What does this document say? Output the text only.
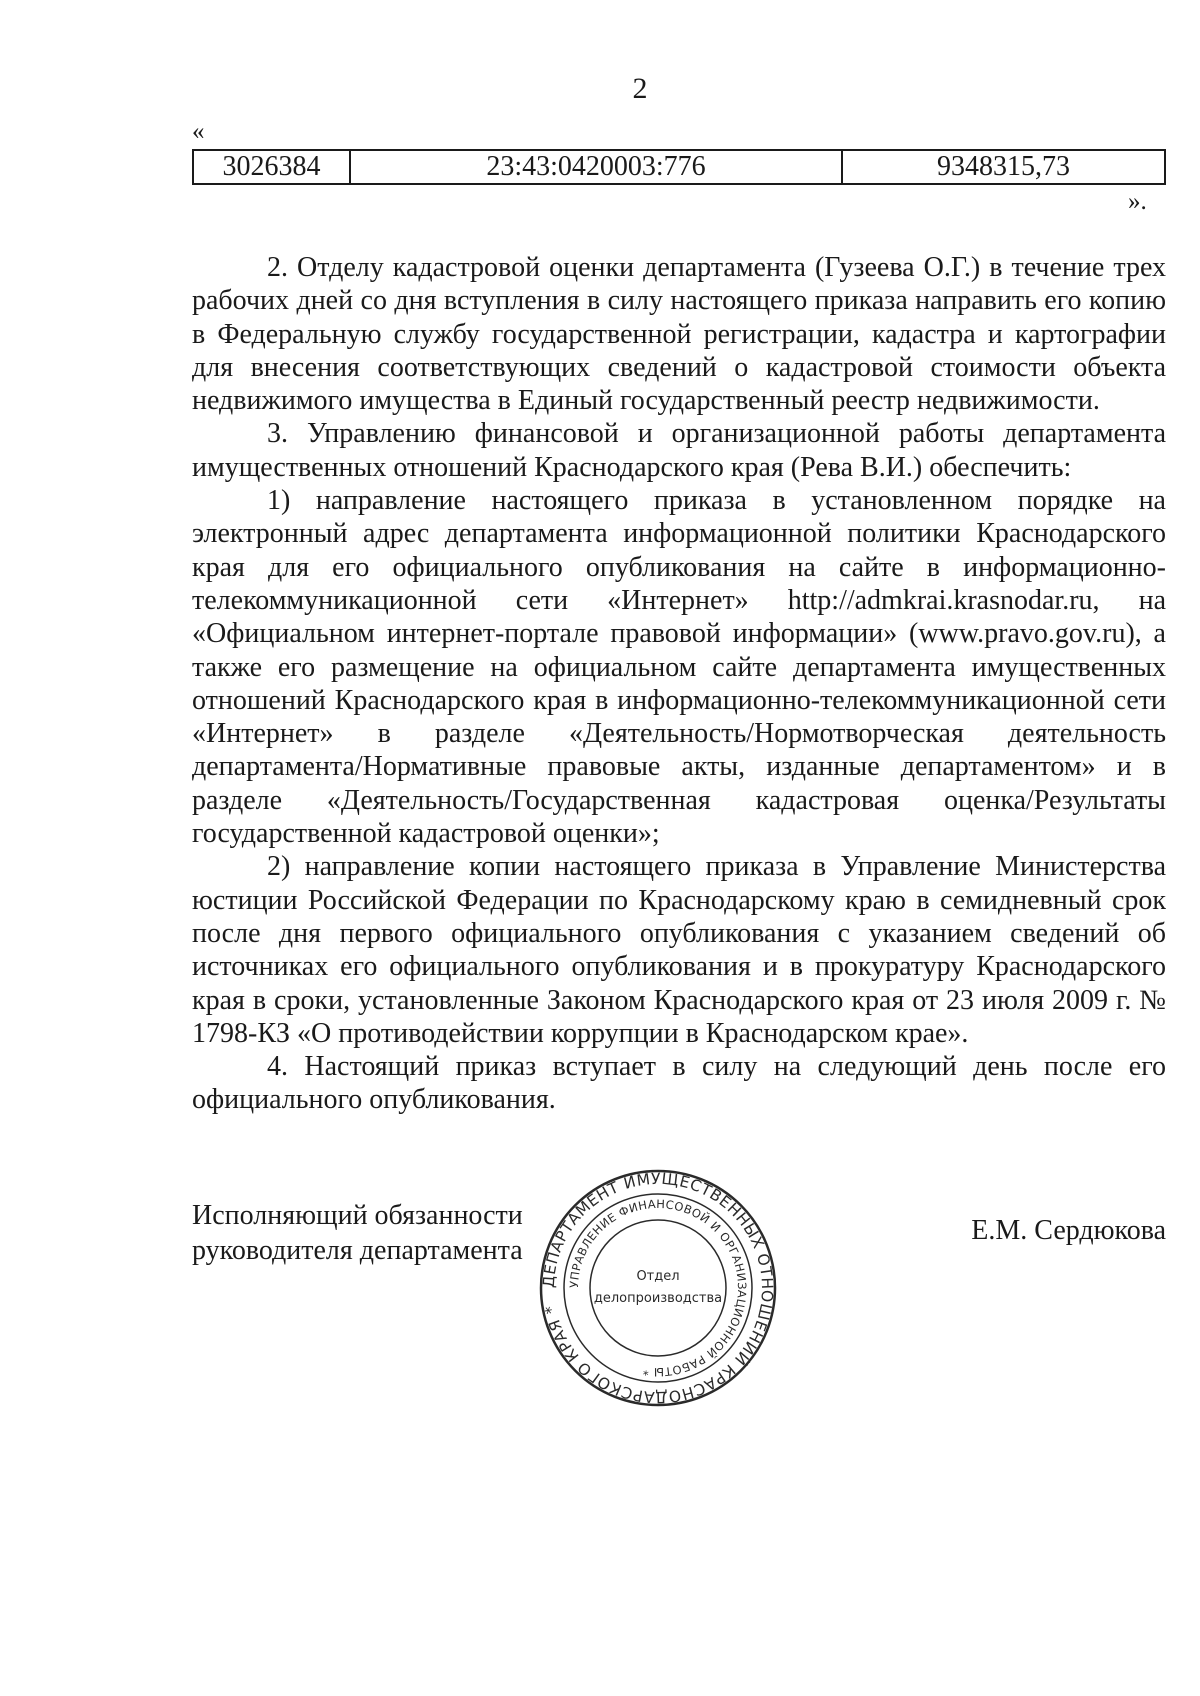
2
«
3026384	23:43:0420003:776	9348315,73
».

2. Отделу кадастровой оценки департамента (Гузеева О.Г.) в течение трех рабочих дней со дня вступления в силу настоящего приказа направить его копию в Федеральную службу государственной регистрации, кадастра и картографии для внесения соответствующих сведений о кадастровой стоимости объекта недвижимого имущества в Единый государственный реестр недвижимости.

3. Управлению финансовой и организационной работы департамента имущественных отношений Краснодарского края (Рева В.И.) обеспечить:

1) направление настоящего приказа в установленном порядке на электронный адрес департамента информационной политики Краснодарского края для его официального опубликования на сайте в информационно-телекоммуникационной сети «Интернет» http://admkrai.krasnodar.ru, на «Официальном интернет-портале правовой информации» (www.pravo.gov.ru), а также его размещение на официальном сайте департамента имущественных отношений Краснодарского края в информационно-телекоммуникационной сети «Интернет» в разделе «Деятельность/Нормотворческая деятельность департамента/Нормативные правовые акты, изданные департаментом» и в разделе «Деятельность/Государственная кадастровая оценка/Результаты государственной кадастровой оценки»;

2) направление копии настоящего приказа в Управление Министерства юстиции Российской Федерации по Краснодарскому краю в семидневный срок после дня первого официального опубликования с указанием сведений об источниках его официального опубликования и в прокуратуру Краснодарского края в сроки, установленные Законом Краснодарского края от 23 июля 2009 г. № 1798-КЗ «О противодействии коррупции в Краснодарском крае».

4. Настоящий приказ вступает в силу на следующий день после его официального опубликования.

Исполняющий обязанности
руководителя департамента
ДЕПАРТАМЕНТ ИМУЩЕСТВЕННЫХ ОТНОШЕНИЙ КРАСНОДАРСКОГО КРАЯ *
УПРАВЛЕНИЕ ФИНАНСОВОЙ И ОРГАНИЗАЦИОННОЙ РАБОТЫ *
Отдел
делопроизводства
Е.М. Сердюкова
